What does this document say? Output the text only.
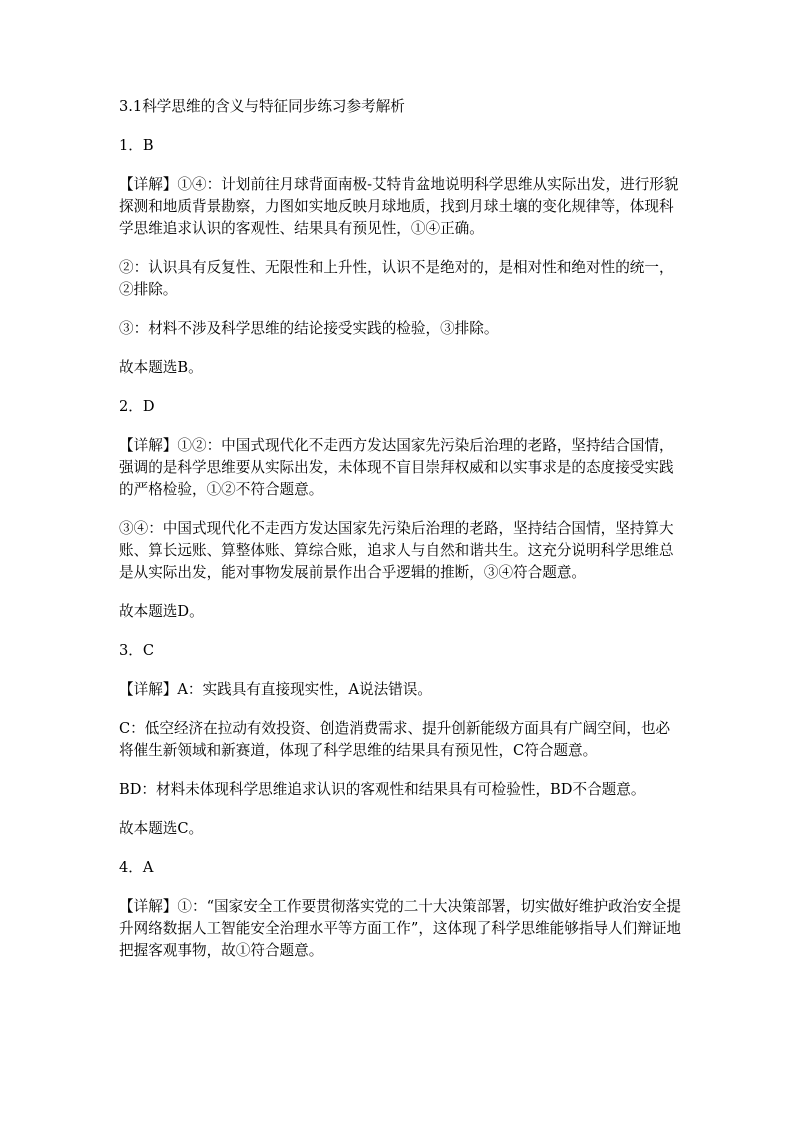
3.1科学思维的含义与特征同步练习参考解析

1．B

【详解】①④：计划前往月球背面南极-艾特肯盆地说明科学思维从实际出发，进行形貌探测和地质背景勘察，力图如实地反映月球地质，找到月球土壤的变化规律等，体现科学思维追求认识的客观性、结果具有预见性，①④正确。

②：认识具有反复性、无限性和上升性，认识不是绝对的，是相对性和绝对性的统一，②排除。

③：材料不涉及科学思维的结论接受实践的检验，③排除。

故本题选B。

2．D

【详解】①②：中国式现代化不走西方发达国家先污染后治理的老路，坚持结合国情，强调的是科学思维要从实际出发，未体现不盲目崇拜权威和以实事求是的态度接受实践的严格检验，①②不符合题意。

③④：中国式现代化不走西方发达国家先污染后治理的老路，坚持结合国情，坚持算大账、算长远账、算整体账、算综合账，追求人与自然和谐共生。这充分说明科学思维总是从实际出发，能对事物发展前景作出合乎逻辑的推断，③④符合题意。

故本题选D。

3．C

【详解】A：实践具有直接现实性，A说法错误。

C：低空经济在拉动有效投资、创造消费需求、提升创新能级方面具有广阔空间，也必将催生新领域和新赛道，体现了科学思维的结果具有预见性，C符合题意。

BD：材料未体现科学思维追求认识的客观性和结果具有可检验性，BD不合题意。

故本题选C。

4．A

【详解】①：“国家安全工作要贯彻落实党的二十大决策部署，切实做好维护政治安全提升网络数据人工智能安全治理水平等方面工作”，这体现了科学思维能够指导人们辩证地把握客观事物，故①符合题意。
